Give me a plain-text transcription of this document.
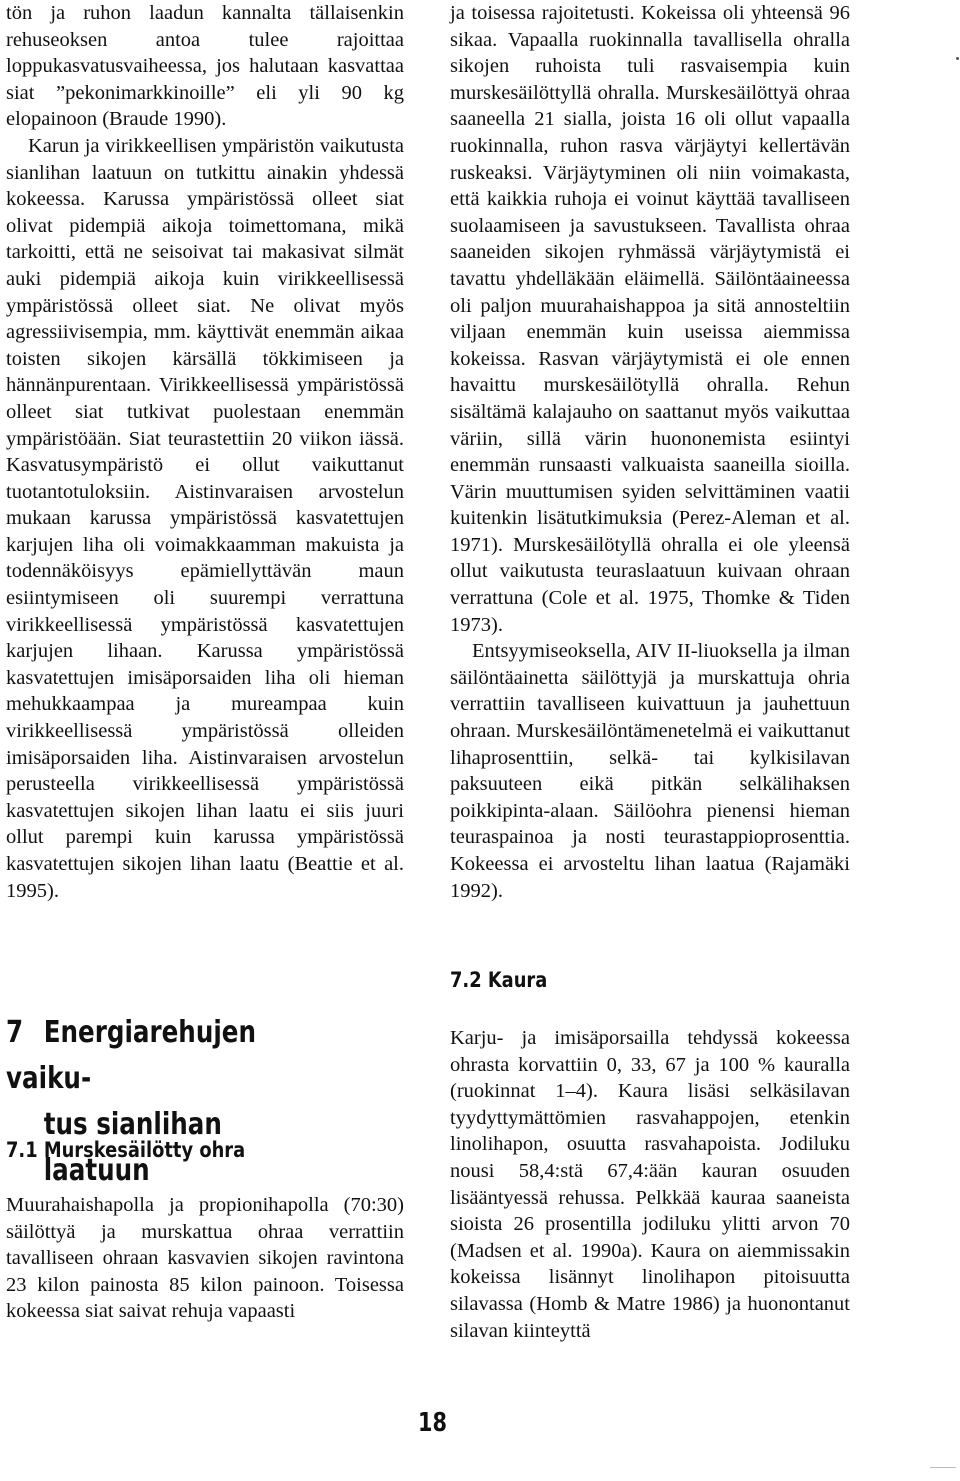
tön ja ruhon laadun kannalta tällaisenkin rehuseoksen antoa tulee rajoittaa loppukasvatusvaiheessa, jos halutaan kasvattaa siat ”pekonimarkkinoille” eli yli 90 kg elopainoon (Braude 1990).

Karun ja virikkeellisen ympäristön vaikutusta sianlihan laatuun on tutkittu ainakin yhdessä kokeessa. Karussa ympäristössä olleet siat olivat pidempiä aikoja toimettomana, mikä tarkoitti, että ne seisoivat tai makasivat silmät auki pidempiä aikoja kuin virikkeellisessä ympäristössä olleet siat. Ne olivat myös agressiivisempia, mm. käyttivät enemmän aikaa toisten sikojen kärsällä tökkimiseen ja hännänpurentaan. Virikkeellisessä ympäristössä olleet siat tutkivat puolestaan enemmän ympäristöään. Siat teurastettiin 20 viikon iässä. Kasvatusympäristö ei ollut vaikuttanut tuotantotuloksiin. Aistinvaraisen arvostelun mukaan karussa ympäristössä kasvatettujen karjujen liha oli voimakkaamman makuista ja todennäköisyys epämiellyttävän maun esiintymiseen oli suurempi verrattuna virikkeellisessä ympäristössä kasvatettujen karjujen lihaan. Karussa ympäristössä kasvatettujen imisäporsaiden liha oli hieman mehukkaampaa ja mureampaa kuin virikkeellisessä ympäristössä olleiden imisäporsaiden liha. Aistinvaraisen arvostelun perusteella virikkeellisessä ympäristössä kasvatettujen sikojen lihan laatu ei siis juuri ollut parempi kuin karussa ympäristössä kasvatettujen sikojen lihan laatu (Beattie et al. 1995).

7 Energiarehujen vaiku-
tus sianlihan laatuun
7.1 Murskesäilötty ohra

Muurahaishapolla ja propionihapolla (70:30) säilöttyä ja murskattua ohraa verrattiin tavalliseen ohraan kasvavien sikojen ravintona 23 kilon painosta 85 kilon painoon. Toisessa kokeessa siat saivat rehuja vapaasti

ja toisessa rajoitetusti. Kokeissa oli yhteensä 96 sikaa. Vapaalla ruokinnalla tavallisella ohralla sikojen ruhoista tuli rasvaisempia kuin murskesäilöttyllä ohralla. Murskesäilöttyä ohraa saaneella 21 sialla, joista 16 oli ollut vapaalla ruokinnalla, ruhon rasva värjäytyi kellertävän ruskeaksi. Värjäytyminen oli niin voimakasta, että kaikkia ruhoja ei voinut käyttää tavalliseen suolaamiseen ja savustukseen. Tavallista ohraa saaneiden sikojen ryhmässä värjäytymistä ei tavattu yhdelläkään eläimellä. Säilöntäaineessa oli paljon muurahaishappoa ja sitä annosteltiin viljaan enemmän kuin useissa aiemmissa kokeissa. Rasvan värjäytymistä ei ole ennen havaittu murskesäilötyllä ohralla. Rehun sisältämä kalajauho on saattanut myös vaikuttaa väriin, sillä värin huononemista esiintyi enemmän runsaasti valkuaista saaneilla sioilla. Värin muuttumisen syiden selvittäminen vaatii kuitenkin lisätutkimuksia (Perez-Aleman et al. 1971). Murskesäilötyllä ohralla ei ole yleensä ollut vaikutusta teuraslaatuun kuivaan ohraan verrattuna (Cole et al. 1975, Thomke & Tiden 1973).

Entsyymiseoksella, AIV II-liuoksella ja ilman säilöntäainetta säilöttyjä ja murskattuja ohria verrattiin tavalliseen kuivattuun ja jauhettuun ohraan. Murskesäilöntämenetelmä ei vaikuttanut lihaprosenttiin, selkä- tai kylkisilavan paksuuteen eikä pitkän selkälihaksen poikkipinta-alaan. Säilöohra pienensi hieman teuraspainoa ja nosti teurastappioprosenttia. Kokeessa ei arvosteltu lihan laatua (Rajamäki 1992).

7.2 Kaura

Karju- ja imisäporsailla tehdyssä kokeessa ohrasta korvattiin 0, 33, 67 ja 100 % kauralla (ruokinnat 1–4). Kaura lisäsi selkäsilavan tyydyttymättömien rasvahappojen, etenkin linolihapon, osuutta rasvahapoista. Jodiluku nousi 58,4:stä 67,4:ään kauran osuuden lisääntyessä rehussa. Pelkkää kauraa saaneista sioista 26 prosentilla jodiluku ylitti arvon 70 (Madsen et al. 1990a). Kaura on aiemmissakin kokeissa lisännyt linolihapon pitoisuutta silavassa (Homb & Matre 1986) ja huonontanut silavan kiinteyttä

18
